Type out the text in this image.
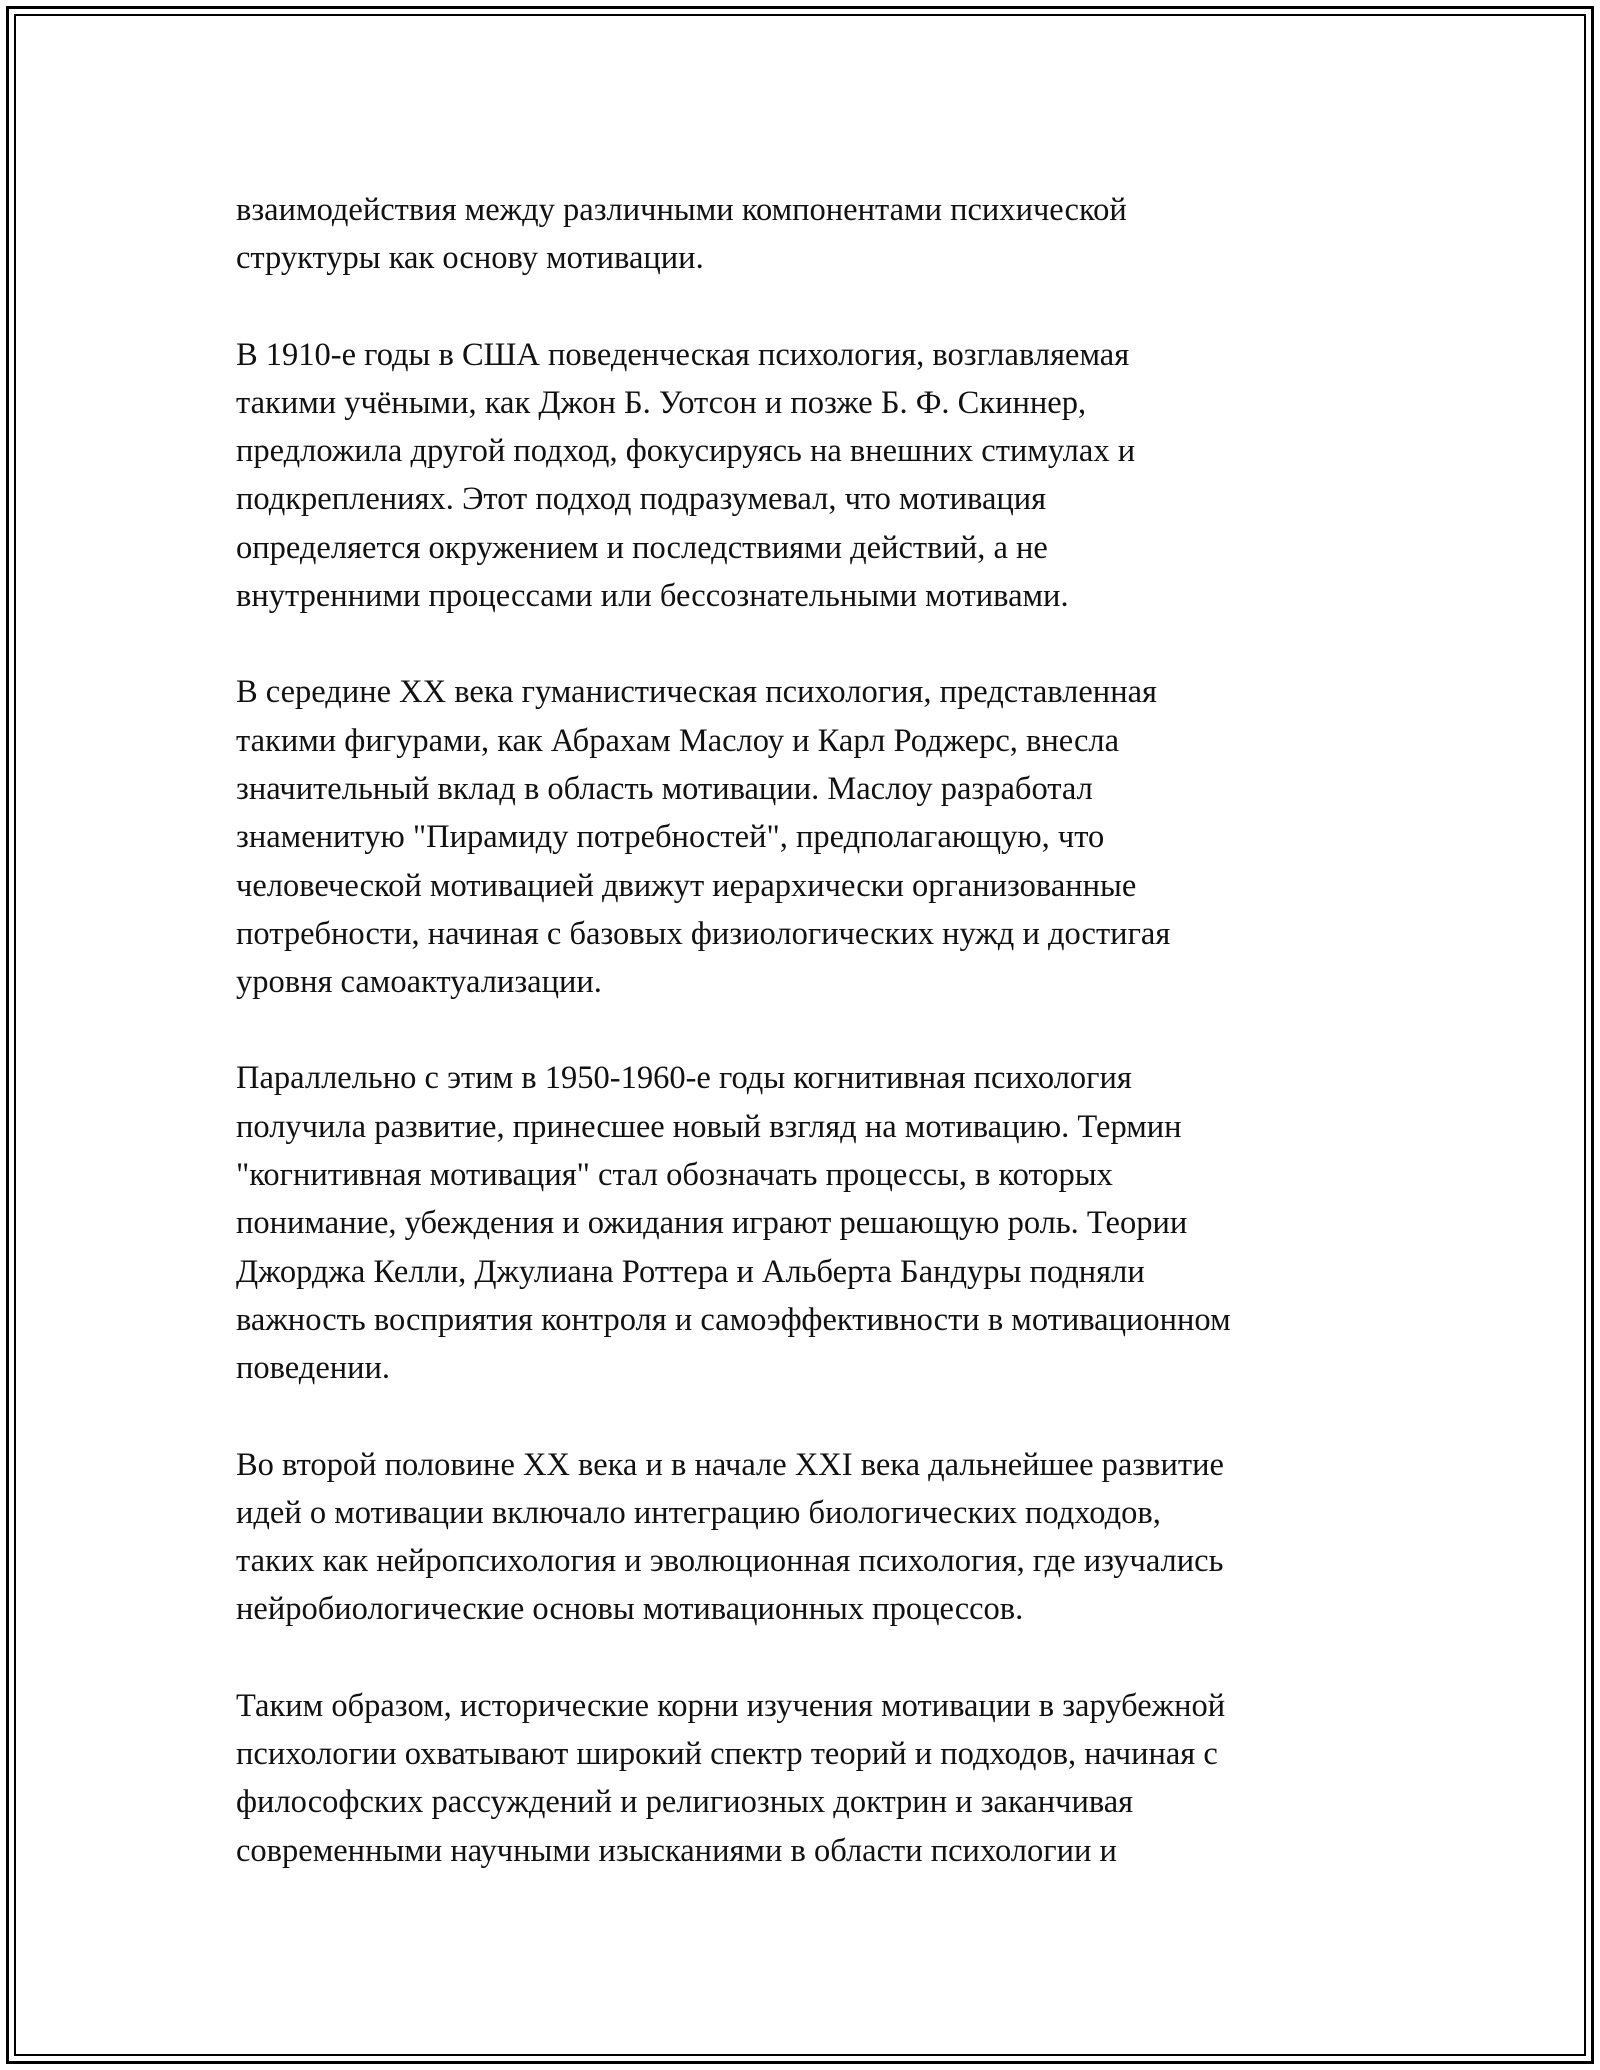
взаимодействия между различными компонентами психической
структуры как основу мотивации.

В 1910-е годы в США поведенческая психология, возглавляемая
такими учёными, как Джон Б. Уотсон и позже Б. Ф. Скиннер,
предложила другой подход, фокусируясь на внешних стимулах и
подкреплениях. Этот подход подразумевал, что мотивация
определяется окружением и последствиями действий, а не
внутренними процессами или бессознательными мотивами.

В середине XX века гуманистическая психология, представленная
такими фигурами, как Абрахам Маслоу и Карл Роджерс, внесла
значительный вклад в область мотивации. Маслоу разработал
знаменитую "Пирамиду потребностей", предполагающую, что
человеческой мотивацией движут иерархически организованные
потребности, начиная с базовых физиологических нужд и достигая
уровня самоактуализации.

Параллельно с этим в 1950-1960-е годы когнитивная психология
получила развитие, принесшее новый взгляд на мотивацию. Термин
"когнитивная мотивация" стал обозначать процессы, в которых
понимание, убеждения и ожидания играют решающую роль. Теории
Джорджа Келли, Джулиана Роттера и Альберта Бандуры подняли
важность восприятия контроля и самоэффективности в мотивационном
поведении.

Во второй половине XX века и в начале XXI века дальнейшее развитие
идей о мотивации включало интеграцию биологических подходов,
таких как нейропсихология и эволюционная психология, где изучались
нейробиологические основы мотивационных процессов.

Таким образом, исторические корни изучения мотивации в зарубежной
психологии охватывают широкий спектр теорий и подходов, начиная с
философских рассуждений и религиозных доктрин и заканчивая
современными научными изысканиями в области психологии и
